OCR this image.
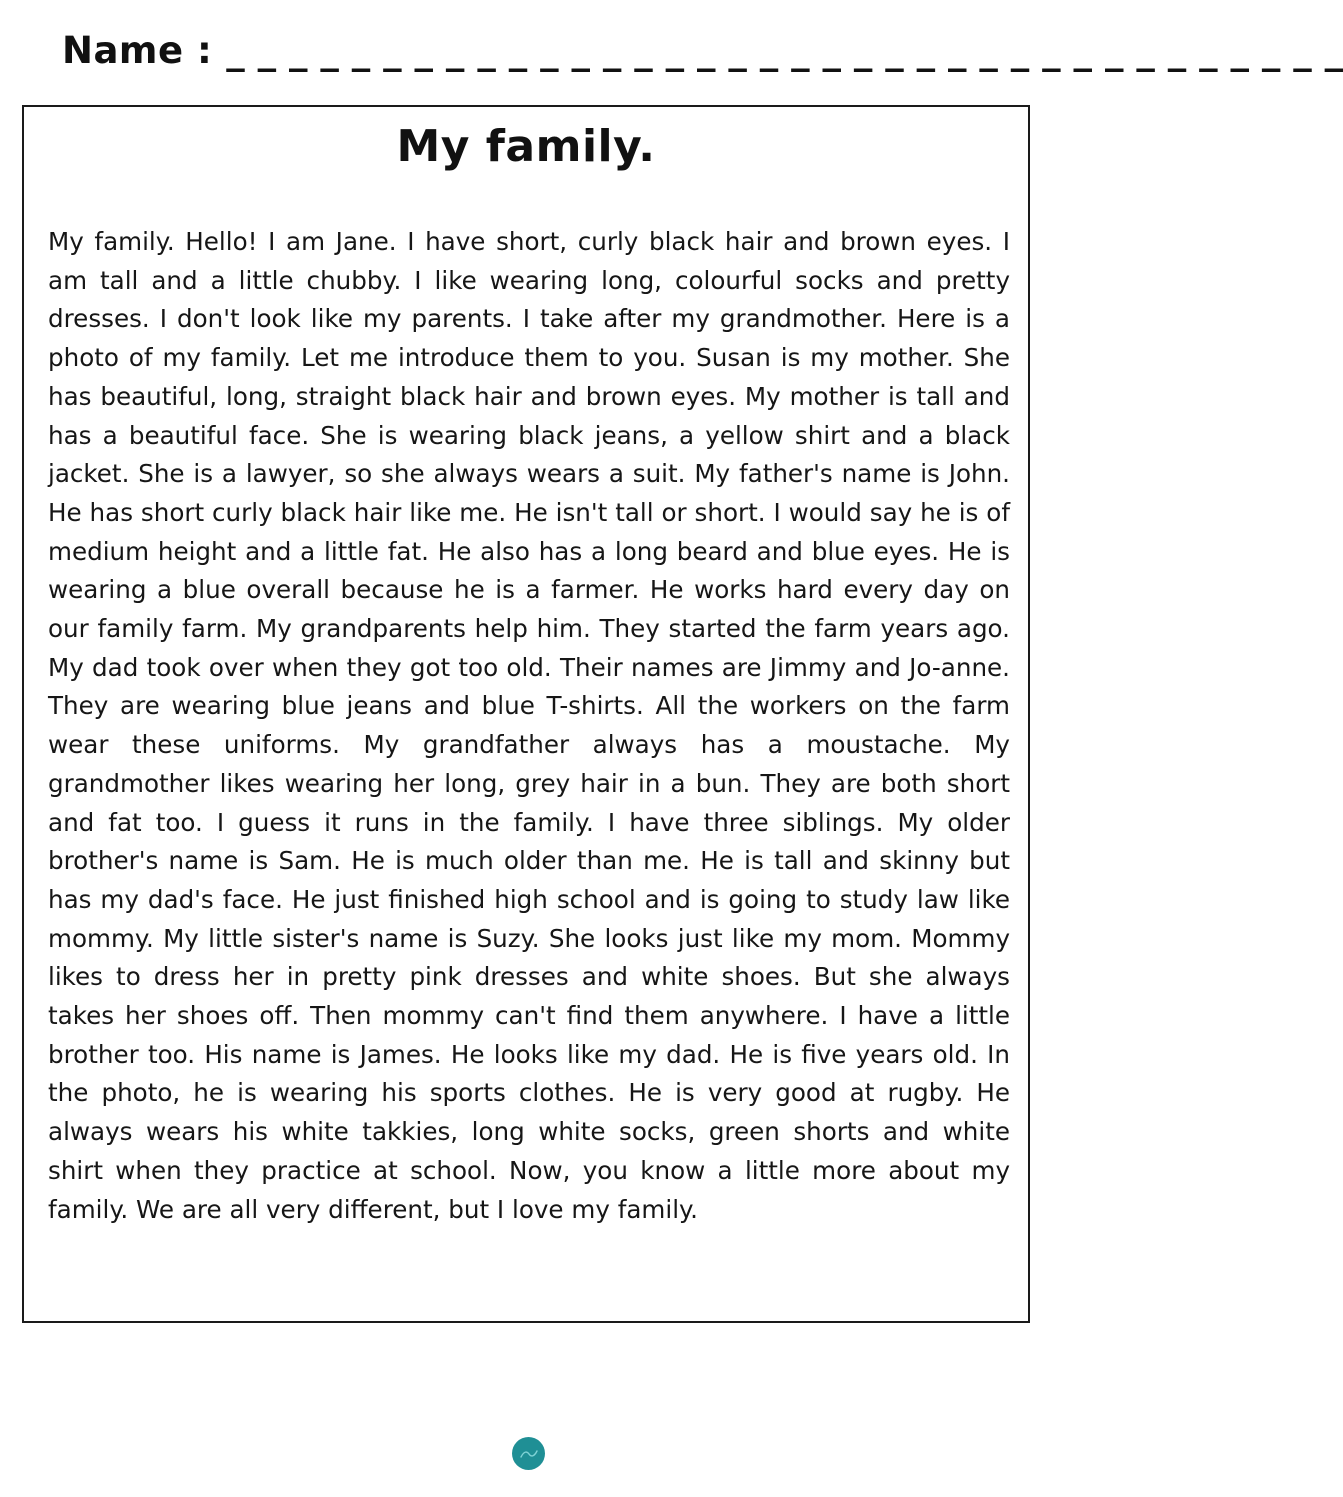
Name : _ _ _ _ _ _ _ _ _ _ _ _ _ _ _ _ _ _ _ _ _ _ _ _ _ _ _ _ _ _ _ _ _ _ _ _
My family.

My family. Hello! I am Jane. I have short, curly black hair and brown eyes. I am tall and a little chubby. I like wearing long, colourful socks and pretty dresses. I don't look like my parents. I take after my grandmother. Here is a photo of my family. Let me introduce them to you. Susan is my mother. She has beautiful, long, straight black hair and brown eyes. My mother is tall and has a beautiful face. She is wearing black jeans, a yellow shirt and a black jacket. She is a lawyer, so she always wears a suit. My father's name is John. He has short curly black hair like me. He isn't tall or short. I would say he is of medium height and a little fat. He also has a long beard and blue eyes. He is wearing a blue overall because he is a farmer. He works hard every day on our family farm. My grandparents help him. They started the farm years ago. My dad took over when they got too old. Their names are Jimmy and Jo-anne. They are wearing blue jeans and blue T-shirts. All the workers on the farm wear these uniforms. My grandfather always has a moustache. My grandmother likes wearing her long, grey hair in a bun. They are both short and fat too. I guess it runs in the family. I have three siblings. My older brother's name is Sam. He is much older than me. He is tall and skinny but has my dad's face. He just finished high school and is going to study law like mommy. My little sister's name is Suzy. She looks just like my mom. Mommy likes to dress her in pretty pink dresses and white shoes. But she always takes her shoes off. Then mommy can't find them anywhere. I have a little brother too. His name is James. He looks like my dad. He is five years old. In the photo, he is wearing his sports clothes. He is very good at rugby. He always wears his white takkies, long white socks, green shorts and white shirt when they practice at school. Now, you know a little more about my family. We are all very different, but I love my family.
